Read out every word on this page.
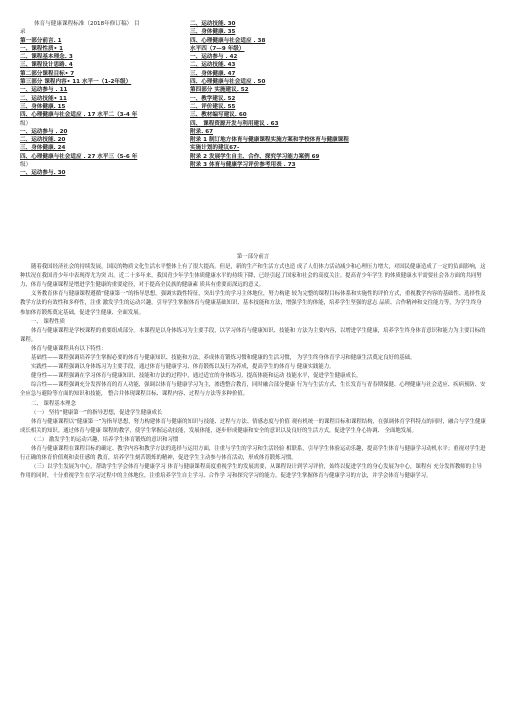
体育与健康课程标准（2018年修订稿） 目
录
第一部分前言. 1
一、课程性质• 1
二、课程基本理念. 3
三、课程设计思路. 4
第二部分课程目标• 7
第三部分 课程内容• 11 水平一（1-2年级）
一、运动参与 . 11
二、运动技能• 11
三、身体健康. 15
四、心理健康与社会适应 . 17 水平二（3-4 年
级）
一、运动参与 . 20
二、运动技能. 20
三、身体健康. 24
四、心理健康与社会适应 . 27 水平三（5-6 年
级）
一、运动参与. 30
二、运动技能. 30
三、身体健康. 35
四、心理健康与社会适应 . 38
水平四（7—9 年级）
一、运动参与 . 42
二、运动技能. 43
三、身体健康. 47
四、心理健康与社会适应 . 50
第四部分 实施建议. 52
一、教学建议. 52
二、评价建议. 55
三、教材编写建议. 60
四、 课程资源开发与利用建议 . 63
附录. 67
附录 1 制订地方体育与健康课程实施方案和学校体育与健康课程实施计划的建议67-
附录 2 发展学生自主、合作、探究学习能力案例 69
附录 3 体育与健康学习评价参考用表 . 73
第一部分前言

随着我国经济社会的持续发展，国民的物质文化生活水平整体上有了很大提高。但是，新的生产和生活方式也造 成了人们体力活动减少和心理压力增大，对国民健康造成了一定的负面影响，这种状况在我国青少年中表现得尤为突 出。近二十多年来，我国青少年学生体质健康水平的持续下降，已经引起了国家和社会的高度关注。提高青少年学生 的体质健康水平需要社会各方面的共同努力，体育与健康课程是增进学生健康的重要途径，对于提高全民族的健康素 质具有重要而深远的意义。

义务教育体育与健康课程遵循“健康第一”的指导思想，强调实践性特征，突出学生的学习主体地位，努力构建 较为完整的课程目标体系和实施性的评价方式，重视教学内容的基础性、选择性及教学方法的有效性和多样性，注重 激发学生的运动兴趣，引导学生掌握体育与健康基础知识、基本技能和方法，增强学生的体能，培养学生坚强的意志 品质、合作精神和交往能力等，为学生终身参加体育锻炼奠定基础，促进学生健康、全面发展。

一、 课程性质

体育与健康课程是学校课程的重要组成部分。本课程是以身体练习为主要手段，以学习体育与健康知识、技能和 方法为主要内容，以增进学生健康，培养学生终身体育意识和能力为主要目标的课程。

体育与健康课程具有以下特性：

基础性——课程强调培养学生掌握必要的体育与健康知识、技能和方法，养成体育锻炼习惯和健康的生活习惯， 为学生终身体育学习和健康生活奠定良好的基础。

实践性——课程强调以身体练习为主要手段，通过体育与健康学习、体育锻炼以及行为养成，提高学生的体育与 健康实践能力。

健身性——课程强调在学习体育与健康知识、技能和方法的过程中，通过适宜的身体练习，提高体能和运动 技能水平，促进学生健康成长。

综合性——课程强调充分发挥体育的育人功能，强调以体育与健康学习为主，渗透整合教育，同时融合部分健康 行为与生活方式、生长发育与青春期保健、心理健康与社会适应、疾病预防、安全应急与避险等方面的知识和技能， 整合并体现课程目标、课程内容、过程与方法等多种价值。

二、 课程基本理念

（一） 坚持“健康第一”的指导思想，促进学生健康成长

体育与健康课程以“健康第一”为指导思想，努力构建体育与健康的知识与技能、过程与方法、情感态度与价值 观有机统一的课程目标和课程结构，在强调体育学科特点的同时，融合与学生健康成长相关的知识。通过体育与健康 课程的教学，使学生掌握运动技能，发展体能，逐步形成健康和安全的意识以及良好的生活方式，促进学生身心协调、 全面地发展。

（二） 激发学生的运动兴趣，培养学生体育锻炼的意识和习惯

体育与健康课程在课程目标的确定、教学内容和教学方法的选择与运用方面，注重与学生的学习和生活经验 相联系，引导学生体验运动乐趣，提高学生体育与健康学习动机水平；重视对学生进行正确的体育价值观和责任感的 教育，培养学生刻苦锻炼的精神，促进学生主动参与体育活动，形成体育锻炼习惯。

（三）以学生发展为中心，帮助学生学会体育与健康学习 体育与健康课程高度重视学生的发展需要，从课程设计到学习评价，始终以促进学生的身心发展为中心，课程有 充分发挥教师的主导作用的同时，十分重视学生在学习过程中的主体地位，注重培养学生自主学习、合作学 习和探究学习的能力，促进学生掌握体育与健康学习的方法，并学会体育与健康学习。
